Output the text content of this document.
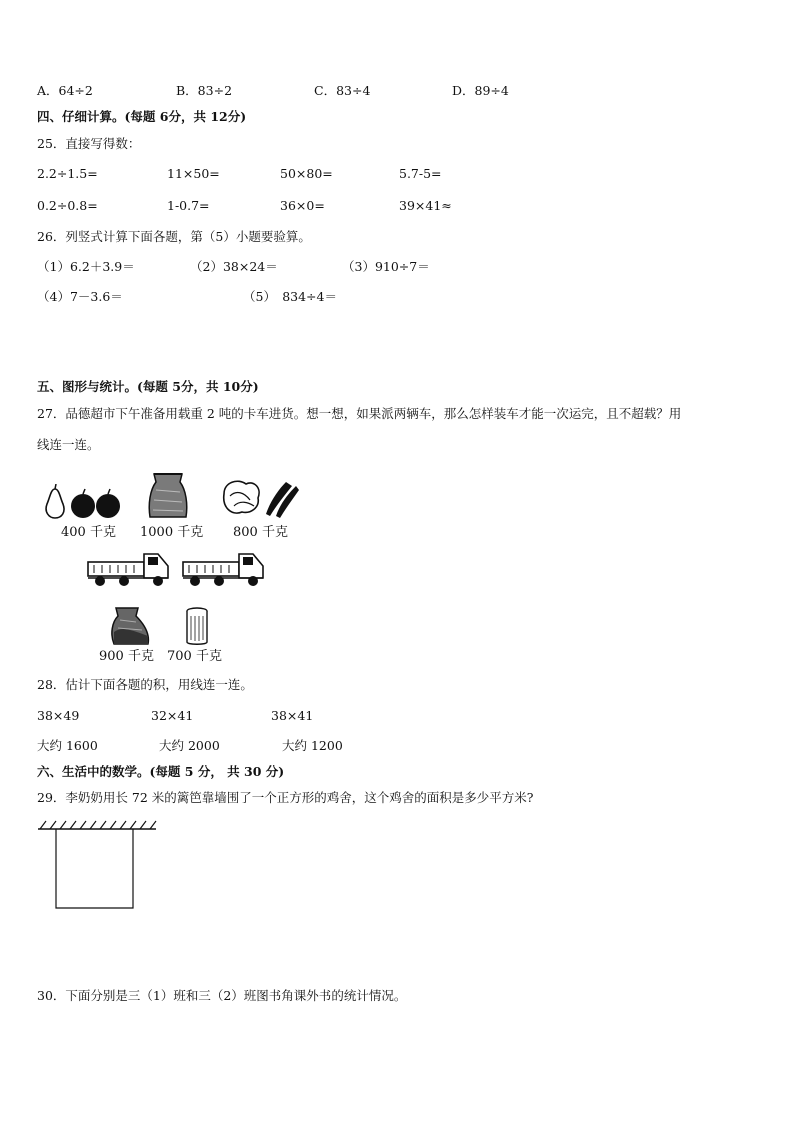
A．64÷2	B．83÷2	C．83÷4	D．89÷4
四、仔细计算。(每题 6分，共 12分)
25．直接写得数：
2.2÷1.5=	11×50=	50×80=	5.7-5=
0.2÷0.8=	1-0.7=	36×0=	39×41≈
26．列竖式计算下面各题，第（5）小题要验算。
（1）6.2＋3.9＝	（2）38×24＝	（3）910÷7＝
（4）7－3.6＝	（5）　834÷4＝
五、图形与统计。(每题 5分，共 10分)
27．品德超市下午准备用载重 2 吨的卡车进货。想一想，如果派两辆车，那么怎样装车才能一次运完，且不超载？用
线连一连。
400 千克 1000 千克 800 千克
900 千克 700 千克
28．估计下面各题的积，用线连一连。
38×49	32×41	38×41
大约 1600	大约 2000	大约 1200
六、生活中的数学。(每题 5 分， 共 30 分)
29．李奶奶用长 72 米的篱笆靠墙围了一个正方形的鸡舍，这个鸡舍的面积是多少平方米?
30．下面分别是三（1）班和三（2）班图书角课外书的统计情况。
